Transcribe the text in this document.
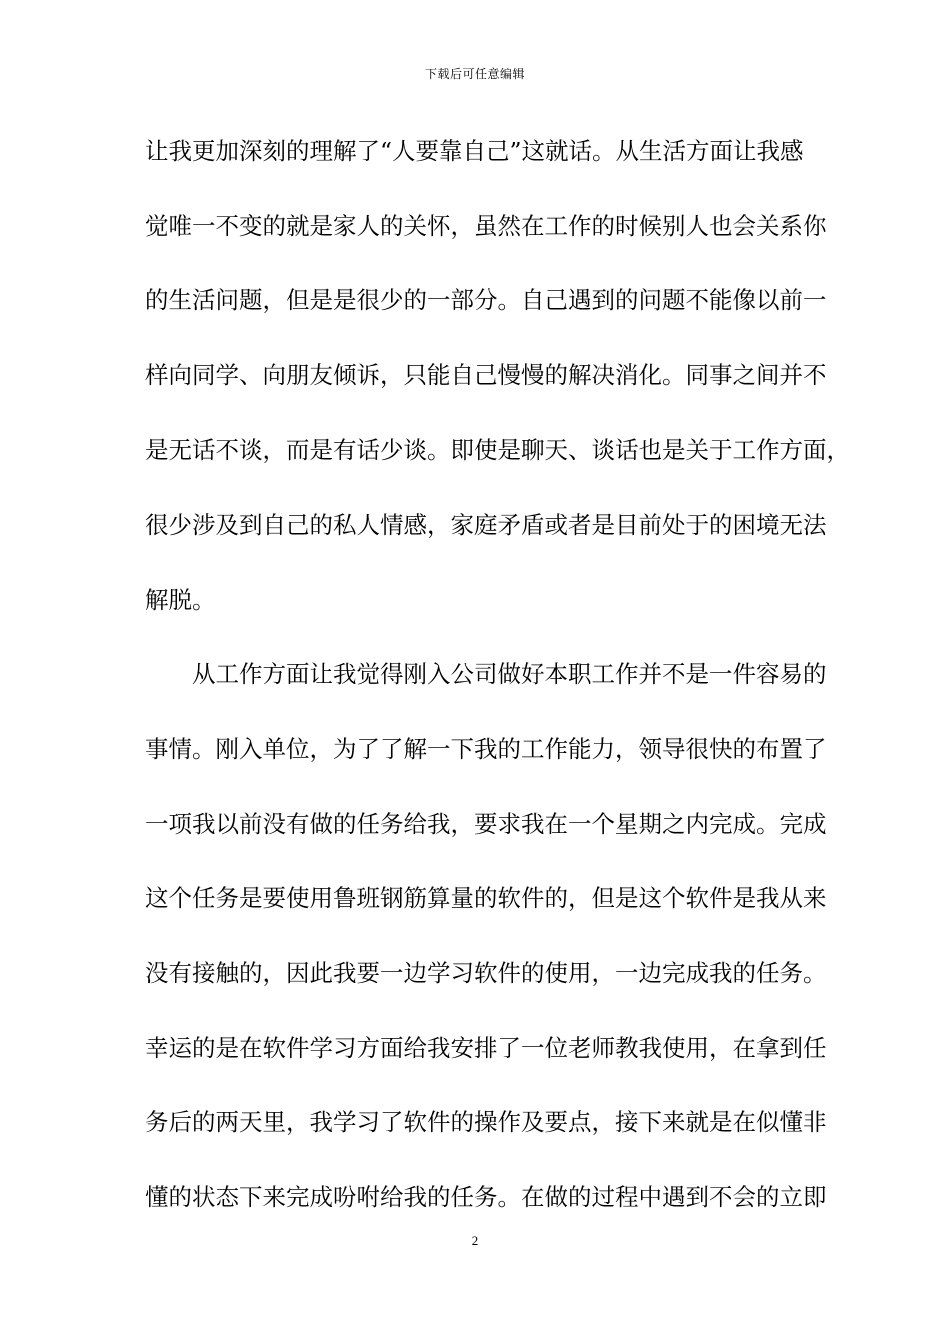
下载后可任意编辑
让我更加深刻的理解了“人要靠自己”这就话。从生活方面让我感
觉唯一不变的就是家人的关怀，虽然在工作的时候别人也会关系你
的生活问题，但是是很少的一部分。自己遇到的问题不能像以前一
样向同学、向朋友倾诉，只能自己慢慢的解决消化。同事之间并不
是无话不谈，而是有话少谈。即使是聊天、谈话也是关于工作方面，
很少涉及到自己的私人情感，家庭矛盾或者是目前处于的困境无法
解脱。
从工作方面让我觉得刚入公司做好本职工作并不是一件容易的
事情。刚入单位，为了了解一下我的工作能力，领导很快的布置了
一项我以前没有做的任务给我，要求我在一个星期之内完成。完成
这个任务是要使用鲁班钢筋算量的软件的，但是这个软件是我从来
没有接触的，因此我要一边学习软件的使用，一边完成我的任务。
幸运的是在软件学习方面给我安排了一位老师教我使用，在拿到任
务后的两天里，我学习了软件的操作及要点，接下来就是在似懂非
懂的状态下来完成吩咐给我的任务。在做的过程中遇到不会的立即
2
